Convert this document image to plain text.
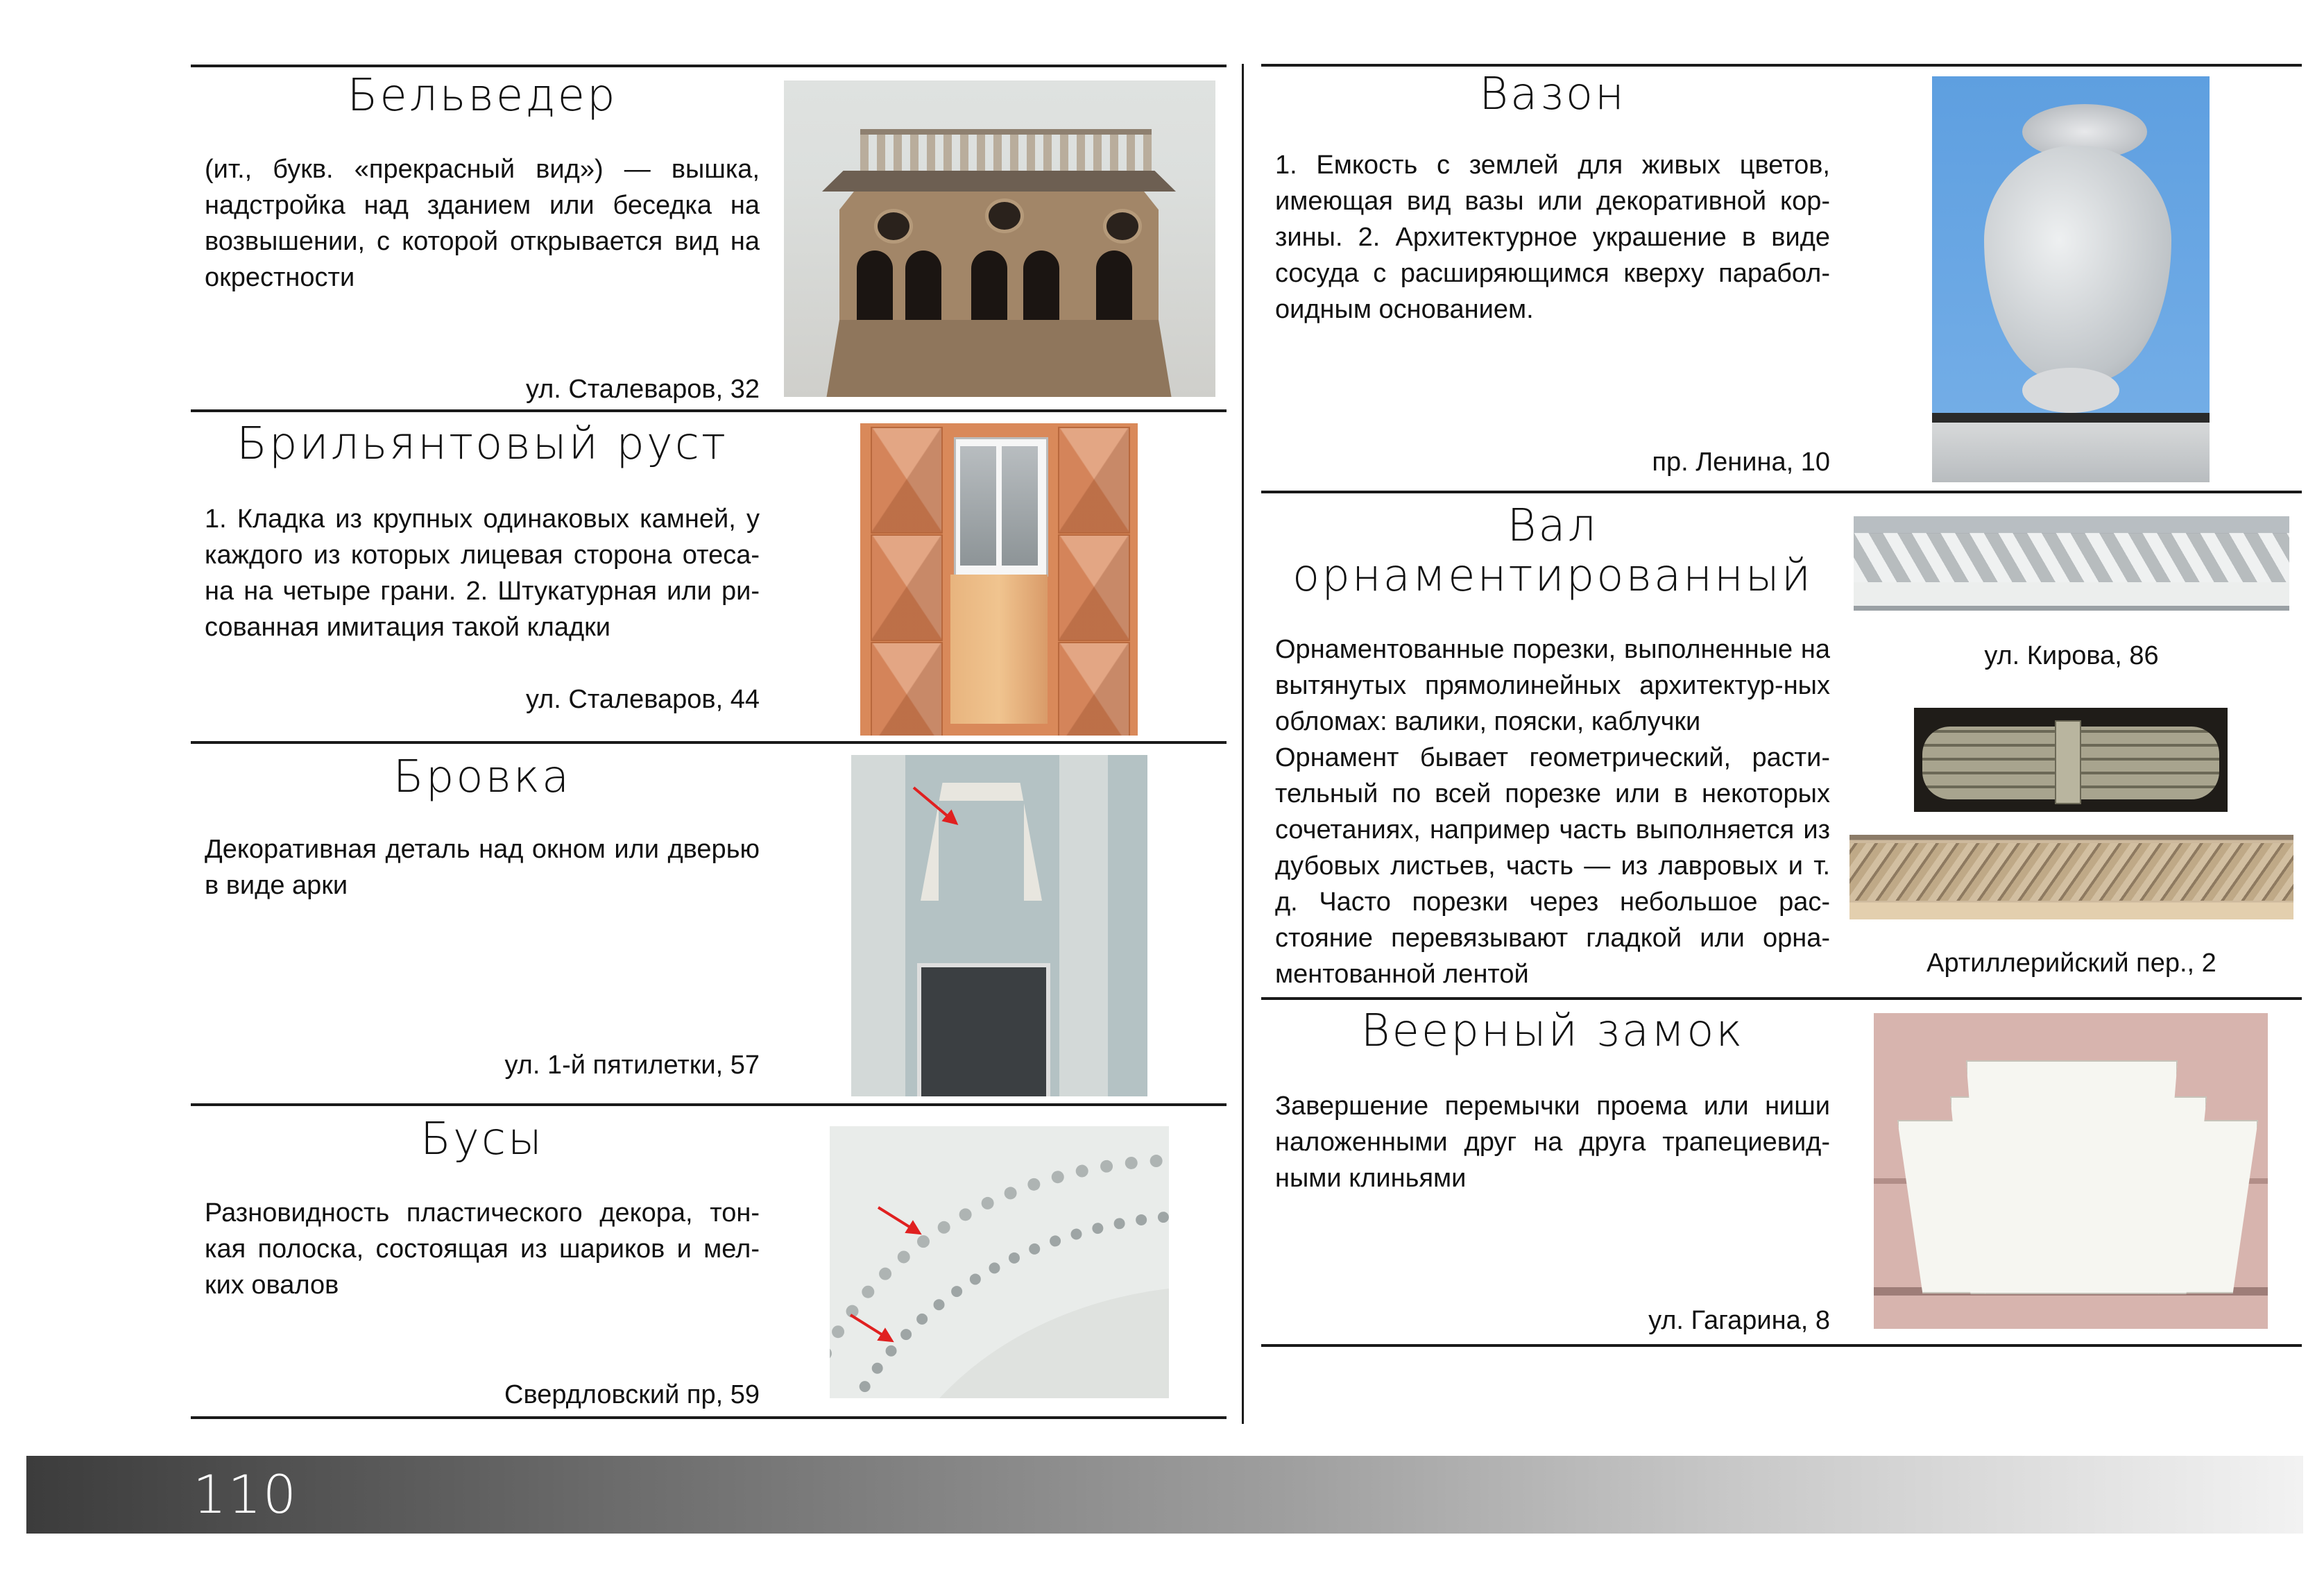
Бельведер
(ит., букв. «прекрасный вид») — вышка, надстройка над зданием или беседка на возвышении, с которой открывается вид на окрестности
ул. Сталеваров, 32
Брильянтовый руст
1. Кладка из крупных одинаковых камней, у каждого из которых лицевая сторона отеса-на на четыре грани. 2. Штукатурная или ри-сованная имитация такой кладки
ул. Сталеваров, 44
Бровка
Декоративная деталь над окном или дверью в виде арки
ул. 1-й пятилетки, 57
Бусы
Разновидность пластического декора, тон-кая полоска, состоящая из шариков и мел-ких овалов
Свердловский пр, 59
Вазон
1. Емкость с землей для живых цветов, имеющая вид вазы или декоративной кор-зины. 2. Архитектурное украшение в виде сосуда с расширяющимся кверху парабол-оидным основанием.
пр. Ленина, 10
Вал
орнаментированный

Орнаментованные порезки, выполненные на вытянутых прямолинейных архитектур-ных обломах: валики, пояски, каблучки

Орнамент бывает геометрический, расти-тельный по всей порезке или в некоторых сочетаниях, например часть выполняется из дубовых листьев, часть — из лавровых и т. д. Часто порезки через небольшое рас-стояние перевязывают гладкой или орна-ментованной лентой

ул. Кирова, 86
Артиллерийский пер., 2
Веерный замок
Завершение перемычки проема или ниши наложенными друг на друга трапециевид-ными клиньями
ул. Гагарина, 8
110
